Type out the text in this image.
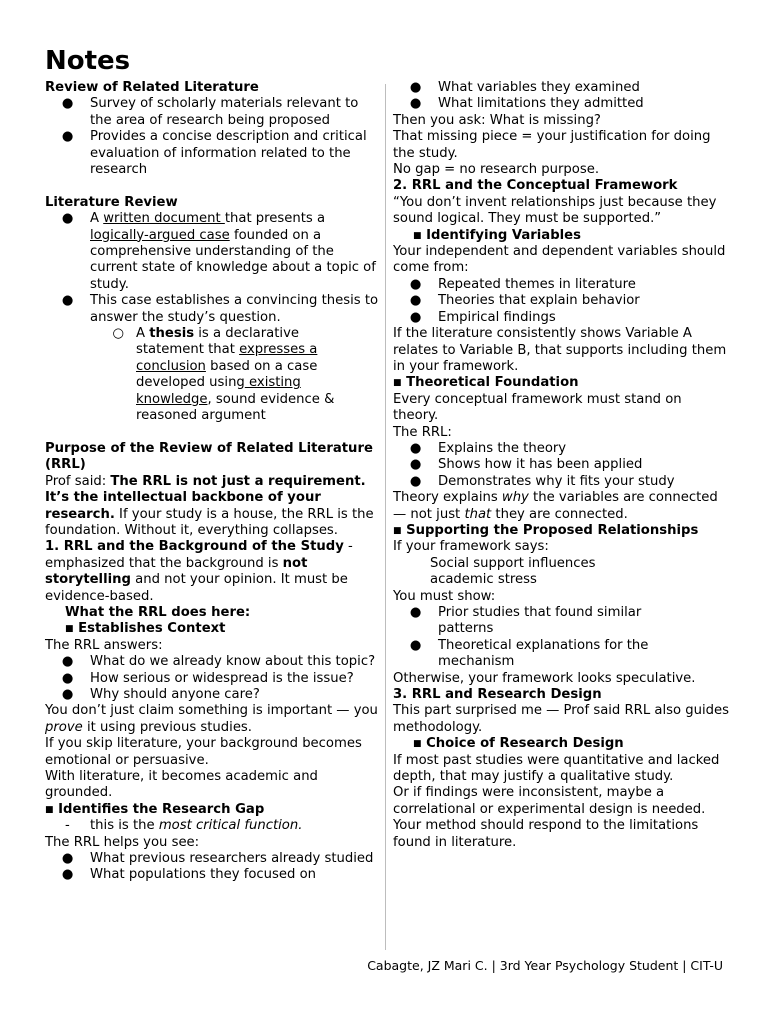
Notes
Review of Related Literature
●	Survey of scholarly materials relevant to the area of research being proposed
●	Provides a concise description and critical evaluation of information related to the research
Literature Review
●	A written document that presents a logically-argued case founded on a comprehensive understanding of the current state of knowledge about a topic of study.
●	This case establishes a convincing thesis to answer the study’s question.
○ A thesis is a declarative statement that expresses a conclusion based on a case developed using existing knowledge, sound evidence & reasoned argument
Purpose of the Review of Related Literature (RRL)
Prof said: The RRL is not just a requirement. It’s the intellectual backbone of your research. If your study is a house, the RRL is the foundation. Without it, everything collapses.
1. RRL and the Background of the Study - emphasized that the background is not storytelling and not your opinion. It must be evidence-based.
What the RRL does here:
■ Establishes Context
The RRL answers:
●	What do we already know about this topic?
●	How serious or widespread is the issue?
●	Why should anyone care?
You don’t just claim something is important — you prove it using previous studies.
If you skip literature, your background becomes emotional or persuasive.
With literature, it becomes academic and grounded.
■ Identifies the Research Gap
-	this is the most critical function.
The RRL helps you see:
●	What previous researchers already studied
●	What populations they focused on
●	What variables they examined
●	What limitations they admitted
Then you ask: What is missing?
That missing piece = your justification for doing the study.
No gap = no research purpose.
2. RRL and the Conceptual Framework
“You don’t invent relationships just because they sound logical. They must be supported.”
■ Identifying Variables
Your independent and dependent variables should come from:
●	Repeated themes in literature
●	Theories that explain behavior
●	Empirical findings
If the literature consistently shows Variable A relates to Variable B, that supports including them in your framework.
■ Theoretical Foundation
Every conceptual framework must stand on theory.
The RRL:
●	Explains the theory
●	Shows how it has been applied
●	Demonstrates why it fits your study
Theory explains why the variables are connected — not just that they are connected.
■ Supporting the Proposed Relationships
If your framework says:
Social support influences academic stress
You must show:
●	Prior studies that found similar patterns
●	Theoretical explanations for the mechanism
Otherwise, your framework looks speculative.
3. RRL and Research Design
This part surprised me — Prof said RRL also guides methodology.
■ Choice of Research Design
If most past studies were quantitative and lacked depth, that may justify a qualitative study.
Or if findings were inconsistent, maybe a correlational or experimental design is needed.
Your method should respond to the limitations found in literature.
Cabagte, JZ Mari C. | 3rd Year Psychology Student | CIT-U
